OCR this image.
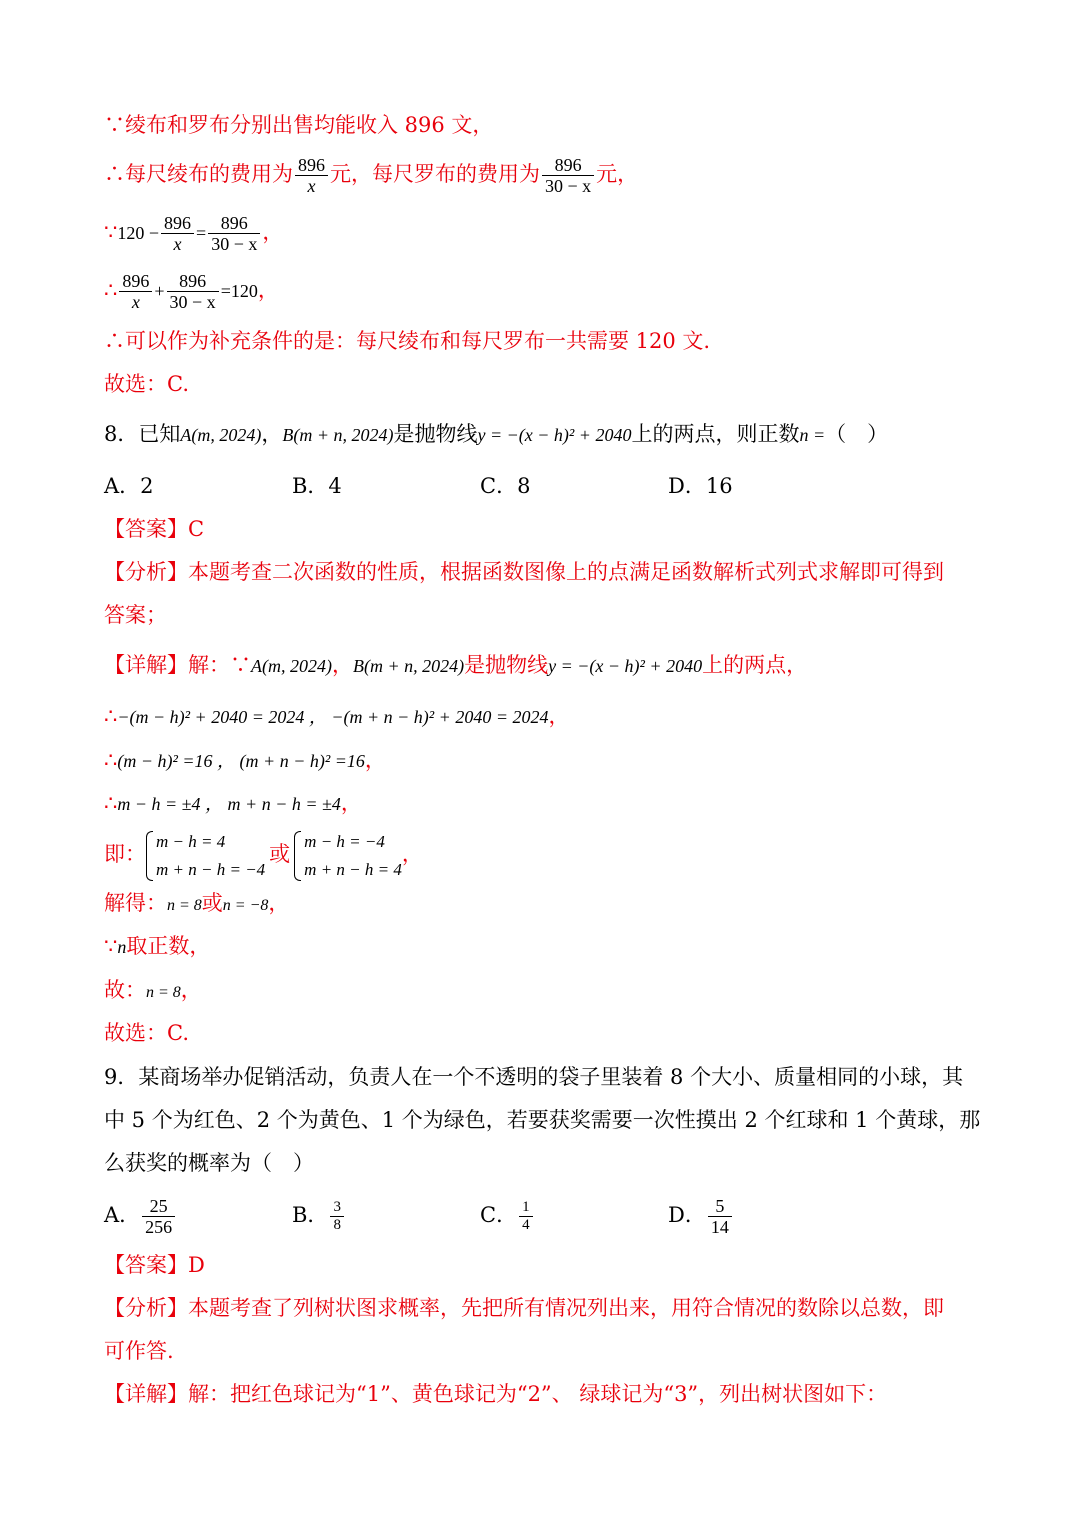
∵绫布和罗布分别出售均能收入 896 文，
∴每尺绫布的费用为 $\frac{896}{x}$ 元，每尺罗布的费用为 $\frac{896}{30 - x}$ 元，
∵120 − $\frac{896}{x} = \frac{896}{30 - x}$ ，
∴ $\frac{896}{x} + \frac{896}{30 - x} =120$，
∴可以作为补充条件的是：每尺绫布和每尺罗布一共需要 120 文.
故选：C.
8．已知A(m, 2024)，B(m + n, 2024)是抛物线y = −(x − h)² + 2040上的两点，则正数n =（　）
A．2	B．4	C．8	D．16
【答案】C
【分析】本题考查二次函数的性质，根据函数图像上的点满足函数解析式列式求解即可得到
答案；
【详解】解：∵A(m, 2024)，B(m + n, 2024)是抛物线y = −(x − h)² + 2040上的两点，
∴−(m − h)² + 2040 = 2024 ， −(m + n − h)² + 2040 = 2024，
∴(m − h)² =16 ， (m + n − h)² =16，
∴m − h = ±4 ， m + n − h = ±4，
即：
m − h = 4
m + n − h = −4
或
m − h = −4
m + n − h = 4
，
解得：n = 8或n = −8，
∵n取正数，
故：n = 8，
故选：C.
9．某商场举办促销活动，负责人在一个不透明的袋子里装着 8 个大小、质量相同的小球，其
中 5 个为红色、2 个为黄色、1 个为绿色，若要获奖需要一次性摸出 2 个红球和 1 个黄球，那
么获奖的概率为（　）
A． $\frac{25}{256}$	B． $\frac{3}{8}$	C． $\frac{1}{4}$	D． $\frac{5}{14}$
【答案】D
【分析】本题考查了列树状图求概率，先把所有情况列出来，用符合情况的数除以总数，即
可作答.
【详解】解：把红色球记为“1”、黄色球记为“2”、 绿球记为“3”，列出树状图如下：
